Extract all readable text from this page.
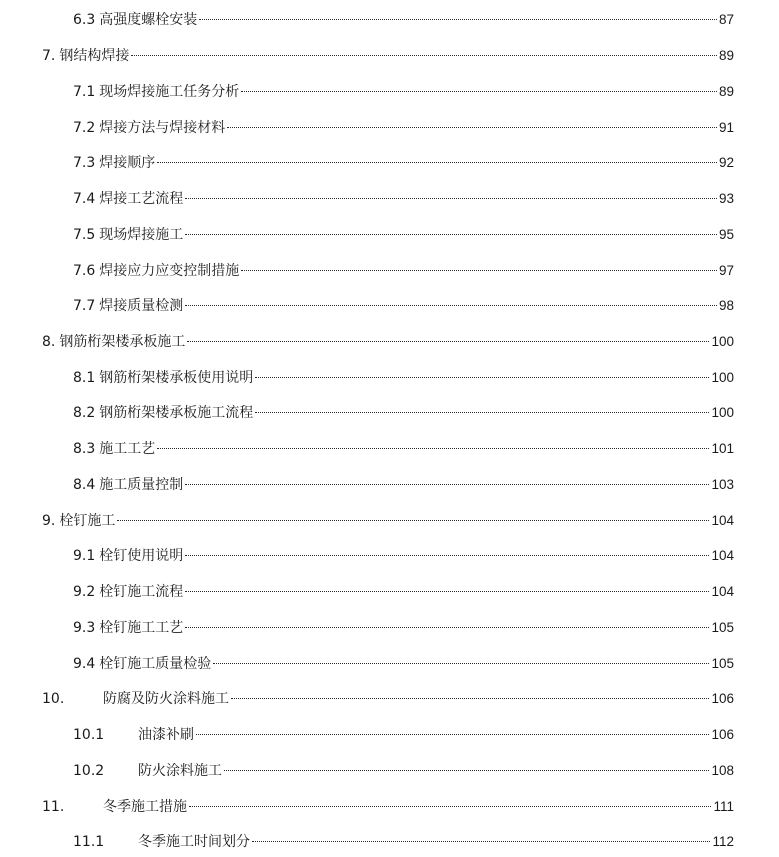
6.3 高强度螺栓安装	87
7. 钢结构焊接	89
7.1 现场焊接施工任务分析	89
7.2 焊接方法与焊接材料	91
7.3 焊接顺序	92
7.4 焊接工艺流程	93
7.5 现场焊接施工	95
7.6 焊接应力应变控制措施	97
7.7 焊接质量检测	98
8. 钢筋桁架楼承板施工	100
8.1 钢筋桁架楼承板使用说明	100
8.2 钢筋桁架楼承板施工流程	100
8.3 施工工艺	101
8.4 施工质量控制	103
9. 栓钉施工	104
9.1 栓钉使用说明	104
9.2 栓钉施工流程	104
9.3 栓钉施工工艺	105
9.4 栓钉施工质量检验	105
10.	防腐及防火涂料施工	106
10.1	油漆补刷	106
10.2	防火涂料施工	108
11.	冬季施工措施	111
11.1	冬季施工时间划分	112
